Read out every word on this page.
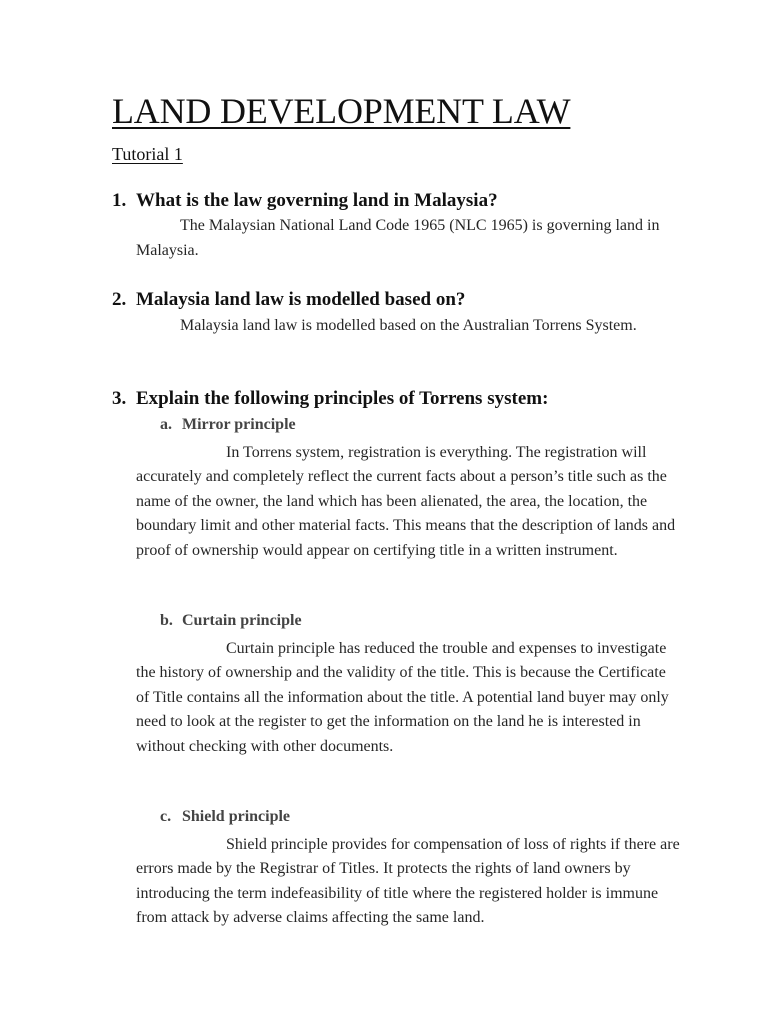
LAND DEVELOPMENT LAW
Tutorial 1
1. What is the law governing land in Malaysia?

The Malaysian National Land Code 1965 (NLC 1965) is governing land in Malaysia.

2. Malaysia land law is modelled based on?

Malaysia land law is modelled based on the Australian Torrens System.

3. Explain the following principles of Torrens system:
a. Mirror principle

In Torrens system, registration is everything. The registration will accurately and completely reflect the current facts about a person’s title such as the name of the owner, the land which has been alienated, the area, the location, the boundary limit and other material facts. This means that the description of lands and proof of ownership would appear on certifying title in a written instrument.

b. Curtain principle

Curtain principle has reduced the trouble and expenses to investigate the history of ownership and the validity of the title. This is because the Certificate of Title contains all the information about the title. A potential land buyer may only need to look at the register to get the information on the land he is interested in without checking with other documents.

c. Shield principle

Shield principle provides for compensation of loss of rights if there are errors made by the Registrar of Titles. It protects the rights of land owners by introducing the term indefeasibility of title where the registered holder is immune from attack by adverse claims affecting the same land.
